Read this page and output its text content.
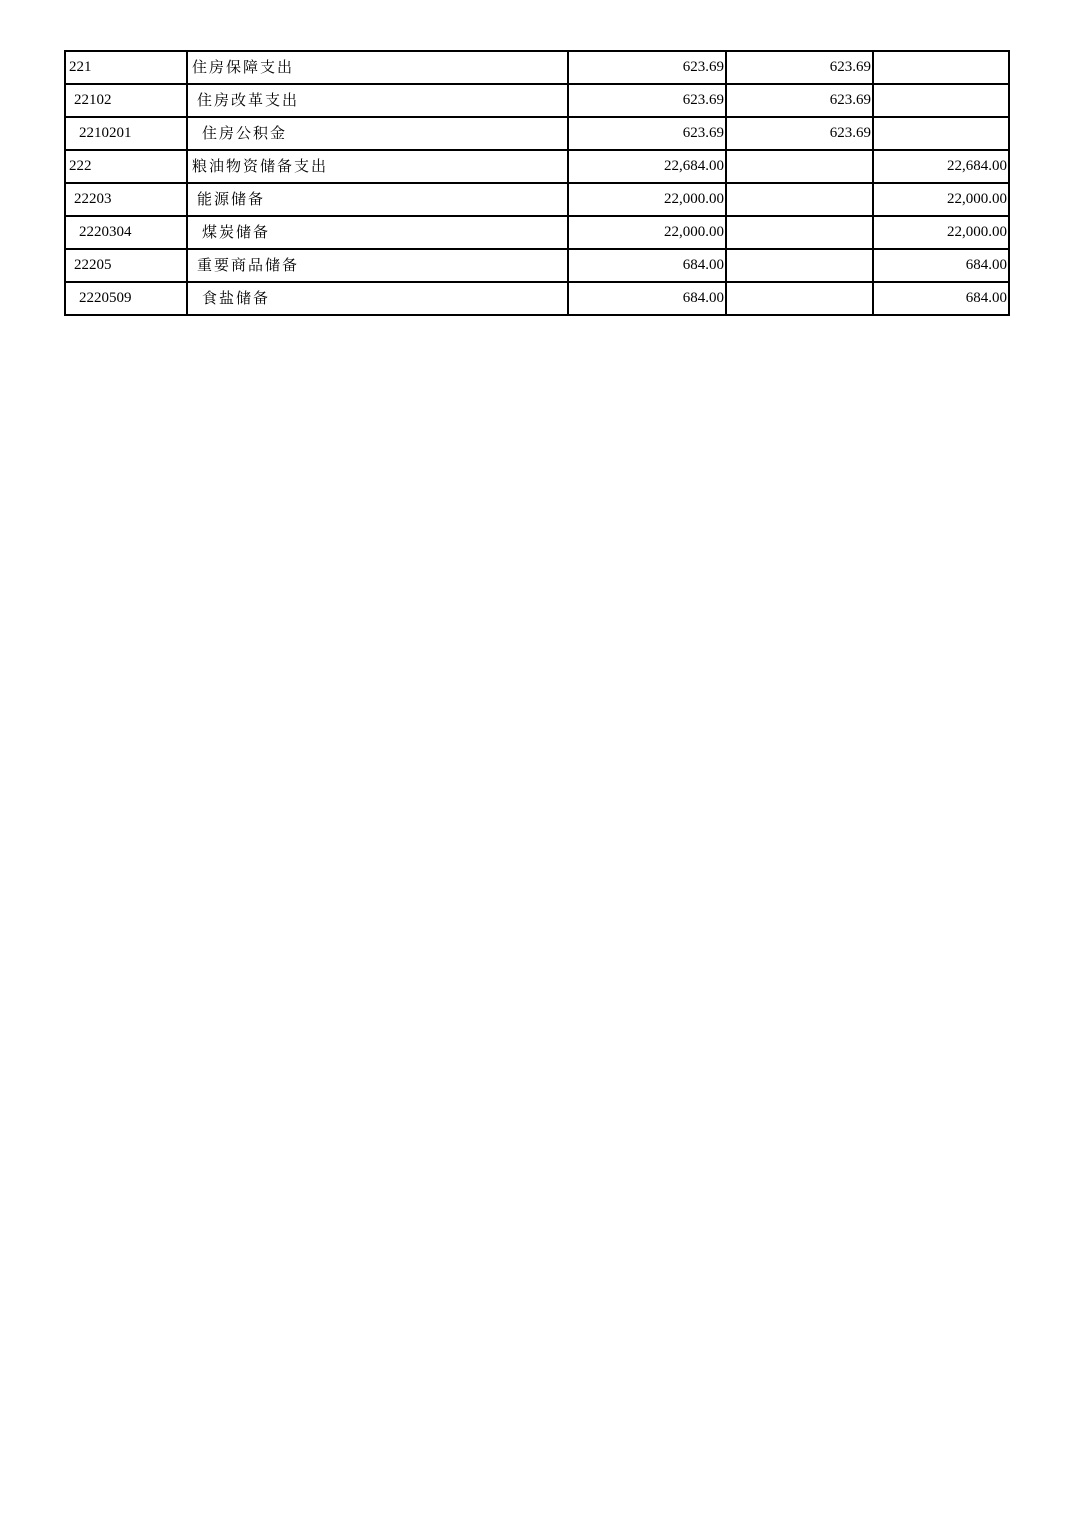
221	住房保障支出	623.69	623.69	
22102	住房改革支出	623.69	623.69	
2210201	住房公积金	623.69	623.69	
222	粮油物资储备支出	22,684.00		22,684.00
22203	能源储备	22,000.00		22,000.00
2220304	煤炭储备	22,000.00		22,000.00
22205	重要商品储备	684.00		684.00
2220509	食盐储备	684.00		684.00
